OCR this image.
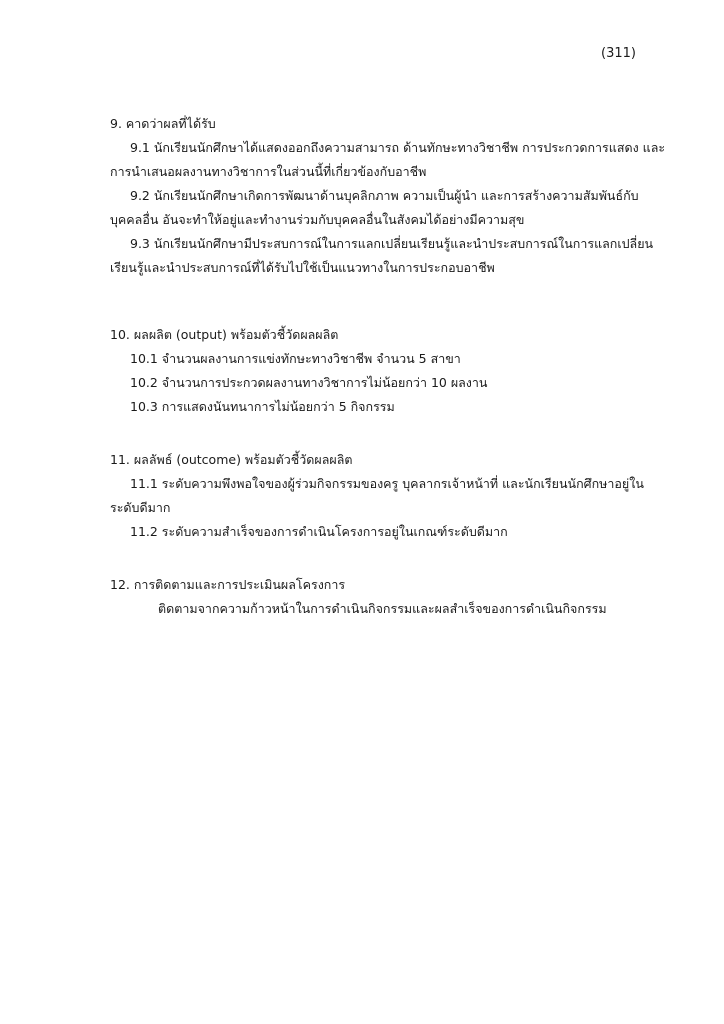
(311)

9. คาดว่าผลที่ได้รับ

9.1 นักเรียนนักศึกษาได้แสดงออกถึงความสามารถ ด้านทักษะทางวิชาชีพ การประกวดการแสดง และ
การนำเสนอผลงานทางวิชาการในส่วนนี้ที่เกี่ยวข้องกับอาชีพ

9.2 นักเรียนนักศึกษาเกิดการพัฒนาด้านบุคลิกภาพ ความเป็นผู้นำ และการสร้างความสัมพันธ์กับ
บุคคลอื่น อันจะทำให้อยู่และทำงานร่วมกับบุคคลอื่นในสังคมได้อย่างมีความสุข

9.3 นักเรียนนักศึกษามีประสบการณ์ในการแลกเปลี่ยนเรียนรู้และนำประสบการณ์ในการแลกเปลี่ยน
เรียนรู้และนำประสบการณ์ที่ได้รับไปใช้เป็นแนวทางในการประกอบอาชีพ

10. ผลผลิต (output) พร้อมตัวชี้วัดผลผลิต

10.1 จำนวนผลงานการแข่งทักษะทางวิชาชีพ จำนวน 5 สาขา

10.2 จำนวนการประกวดผลงานทางวิชาการไม่น้อยกว่า 10 ผลงาน

10.3 การแสดงนันทนาการไม่น้อยกว่า 5 กิจกรรม

11. ผลลัพธ์ (outcome) พร้อมตัวชี้วัดผลผลิต

11.1 ระดับความพึงพอใจของผู้ร่วมกิจกรรมของครู บุคลากรเจ้าหน้าที่ และนักเรียนนักศึกษาอยู่ใน
ระดับดีมาก

11.2 ระดับความสำเร็จของการดำเนินโครงการอยู่ในเกณฑ์ระดับดีมาก

12. การติดตามและการประเมินผลโครงการ

ติดตามจากความก้าวหน้าในการดำเนินกิจกรรมและผลสำเร็จของการดำเนินกิจกรรม
